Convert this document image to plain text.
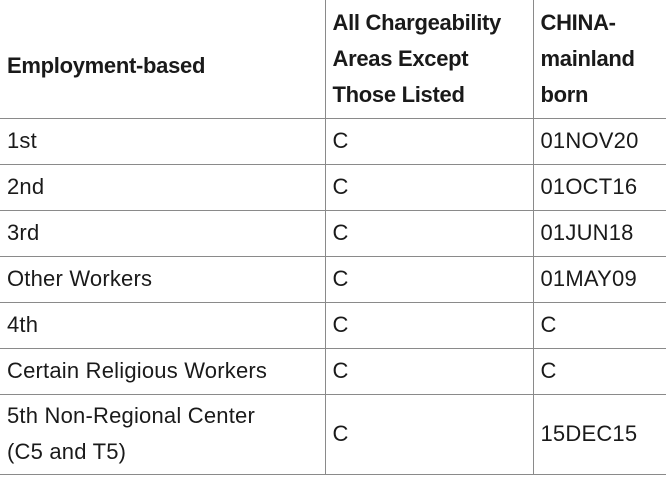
Employment-based	All Chargeability Areas Except Those Listed	CHINA-mainland born
1st	C	01NOV20
2nd	C	01OCT16
3rd	C	01JUN18
Other Workers	C	01MAY09
4th	C	C
Certain Religious Workers	C	C
5th Non-Regional Center (C5 and T5)	C	15DEC15
